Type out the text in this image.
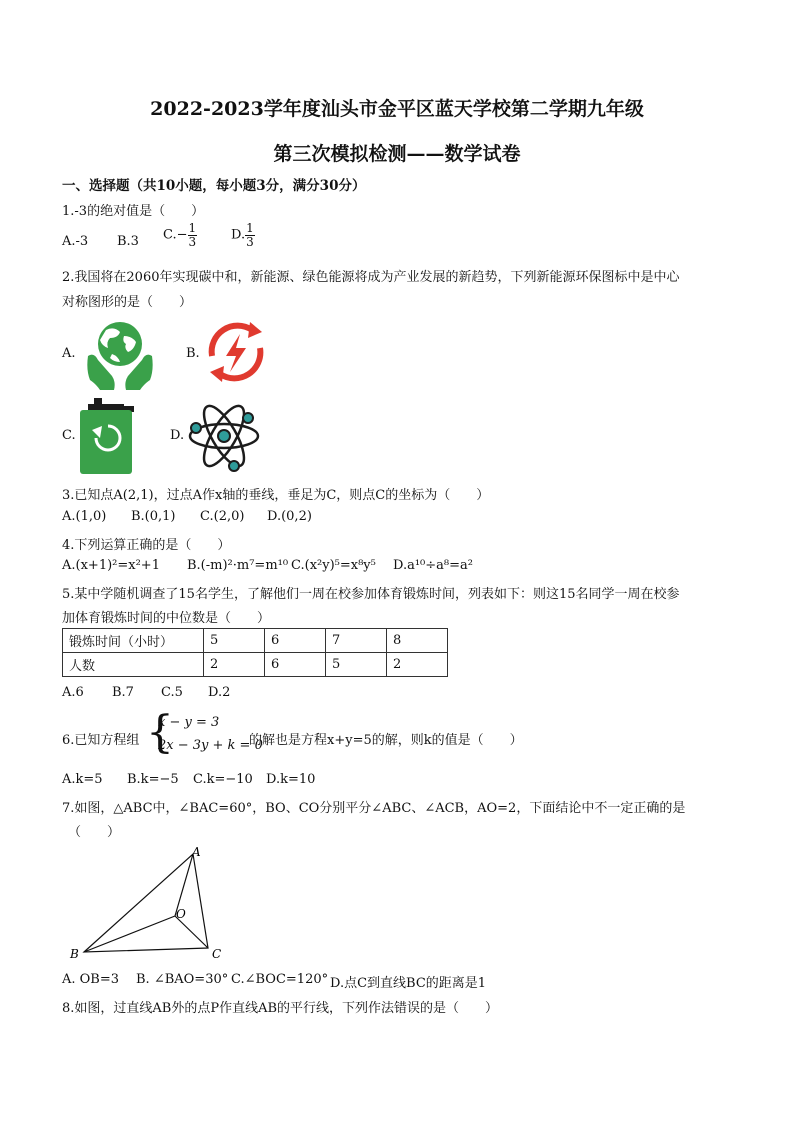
2022-2023学年度汕头市金平区蓝天学校第二学期九年级
第三次模拟检测——数学试卷
一、选择题（共10小题，每小题3分，满分30分）
1.-3的绝对值是（　　）
A.-3 B.3 $C.- \frac{1}{3}$	D. $\frac{1}{3}$
2.我国将在2060年实现碳中和，新能源、绿色能源将成为产业发展的新趋势，下列新能源环保图标中是中心
对称图形的是（　　）
A.	B.
C.	D.
3.已知点A(2,1)，过点A作x轴的垂线，垂足为C，则点C的坐标为（　　）
A.(1,0) B.(0,1) C.(2,0) D.(0,2)
4.下列运算正确的是（　　）
A.(x+1)²=x²+1 B.(-m)²·m⁷=m¹⁰ C.(x²y)⁵=x⁸y⁵ D.a¹⁰÷a⁸=a²
5.某中学随机调查了15名学生，了解他们一周在校参加体育锻炼时间，列表如下：则这15名同学一周在校参
加体育锻炼时间的中位数是（　　）
锻炼时间（小时）	5	6	7	8
人数	2	6	5	2
A.6 B.7 C.5 D.2
6.已知方程组 {
x − y = 3
2x − 3y + k = 0
的解也是方程x+y=5的解，则k的值是（　　）
A.k=5 B.k=−5 C.k=−10 D.k=10
7.如图，△ABC中，∠BAC=60°，BO、CO分别平分∠ABC、∠ACB，AO=2，下面结论中不一定正确的是
（　　）
A
B	C
O
A. OB=3 B. ∠BAO=30° C.∠BOC=120° D.点C到直线BC的距离是1
8.如图，过直线AB外的点P作直线AB的平行线，下列作法错误的是（　　）
